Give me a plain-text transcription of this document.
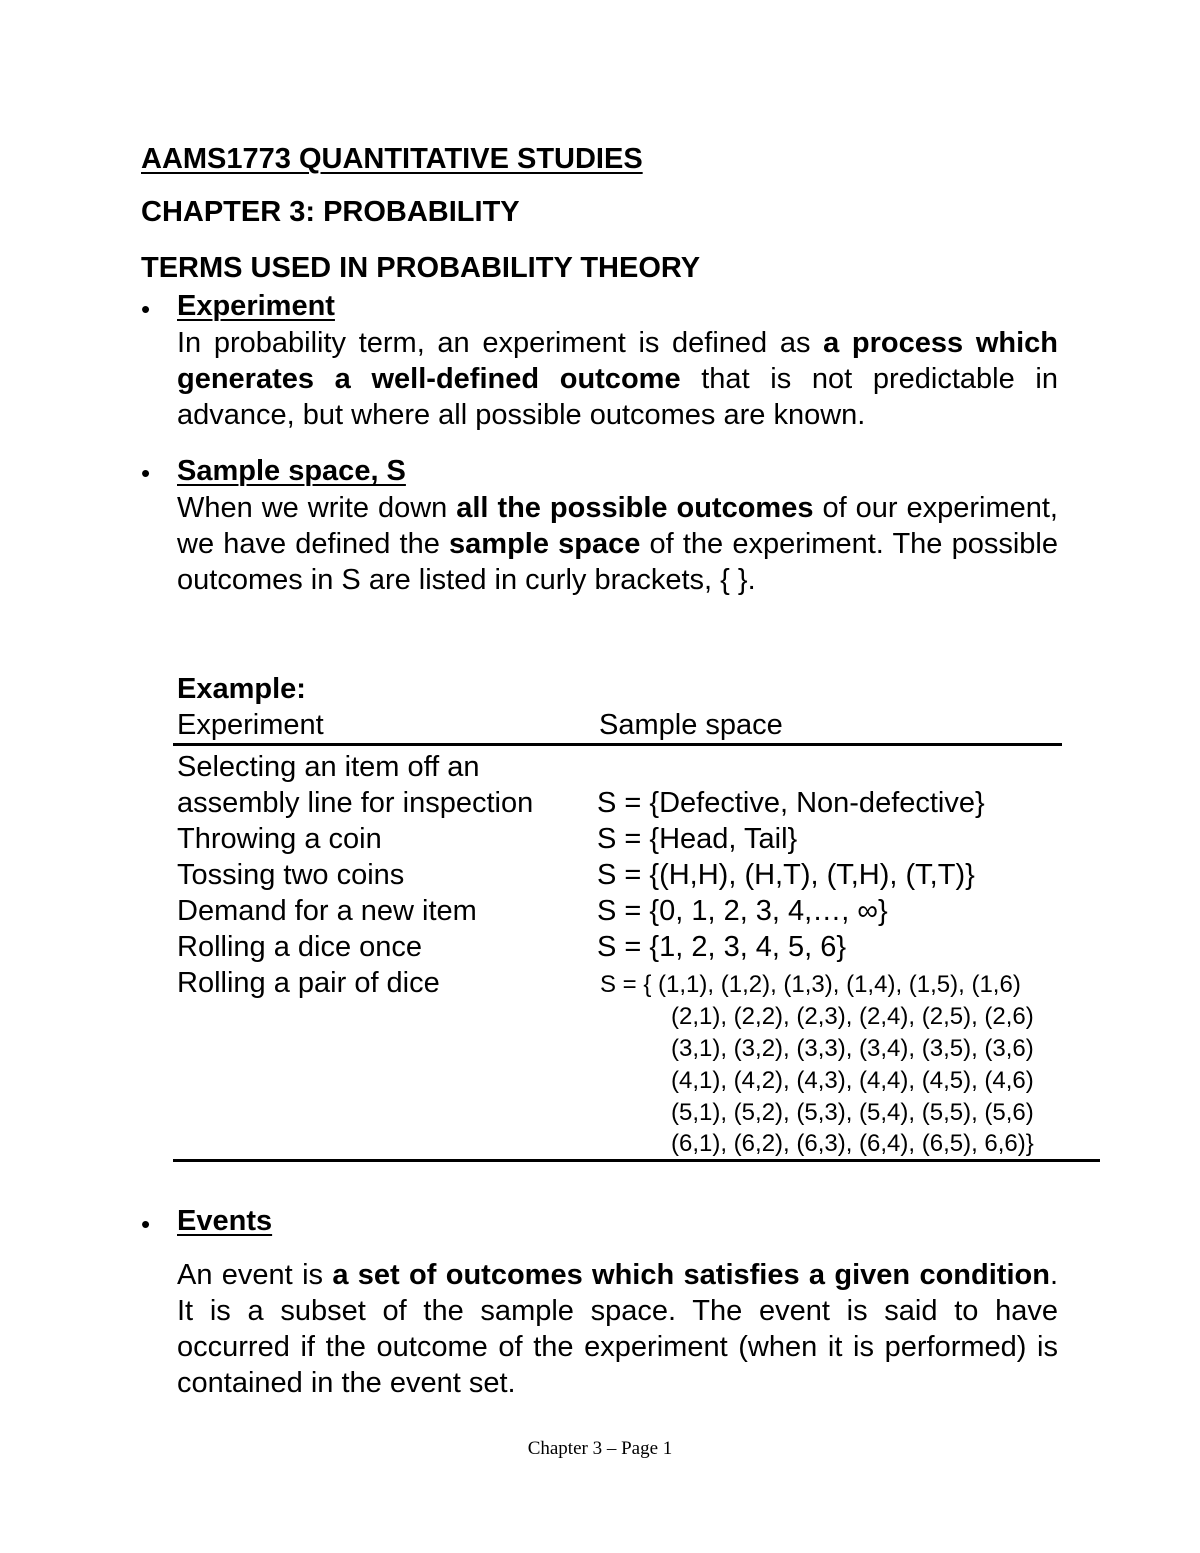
AAMS1773 QUANTITATIVE STUDIES
CHAPTER 3: PROBABILITY
TERMS USED IN PROBABILITY THEORY
• Experiment
In probability term, an experiment is defined as a process which generates a well-defined outcome that is not predictable in advance, but where all possible outcomes are known.
• Sample space, S
When we write down all the possible outcomes of our experiment, we have defined the sample space of the experiment. The possible outcomes in S are listed in curly brackets, { }.
Example:
Experiment	Sample space
Selecting an item off an
assembly line for inspection S = {Defective, Non-defective}
Throwing a coin	S = {Head, Tail}
Tossing two coins	S = {(H,H), (H,T), (T,H), (T,T)}
Demand for a new item	S = {0, 1, 2, 3, 4,…, ∞}
Rolling a dice once	S = {1, 2, 3, 4, 5, 6}
Rolling a pair of dice	S = { (1,1), (1,2), (1,3), (1,4), (1,5), (1,6)
(2,1), (2,2), (2,3), (2,4), (2,5), (2,6)
(3,1), (3,2), (3,3), (3,4), (3,5), (3,6)
(4,1), (4,2), (4,3), (4,4), (4,5), (4,6)
(5,1), (5,2), (5,3), (5,4), (5,5), (5,6)
(6,1), (6,2), (6,3), (6,4), (6,5), 6,6)}
• Events
An event is a set of outcomes which satisfies a given condition. It is a subset of the sample space. The event is said to have occurred if the outcome of the experiment (when it is performed) is contained in the event set.
Chapter 3 – Page 1
